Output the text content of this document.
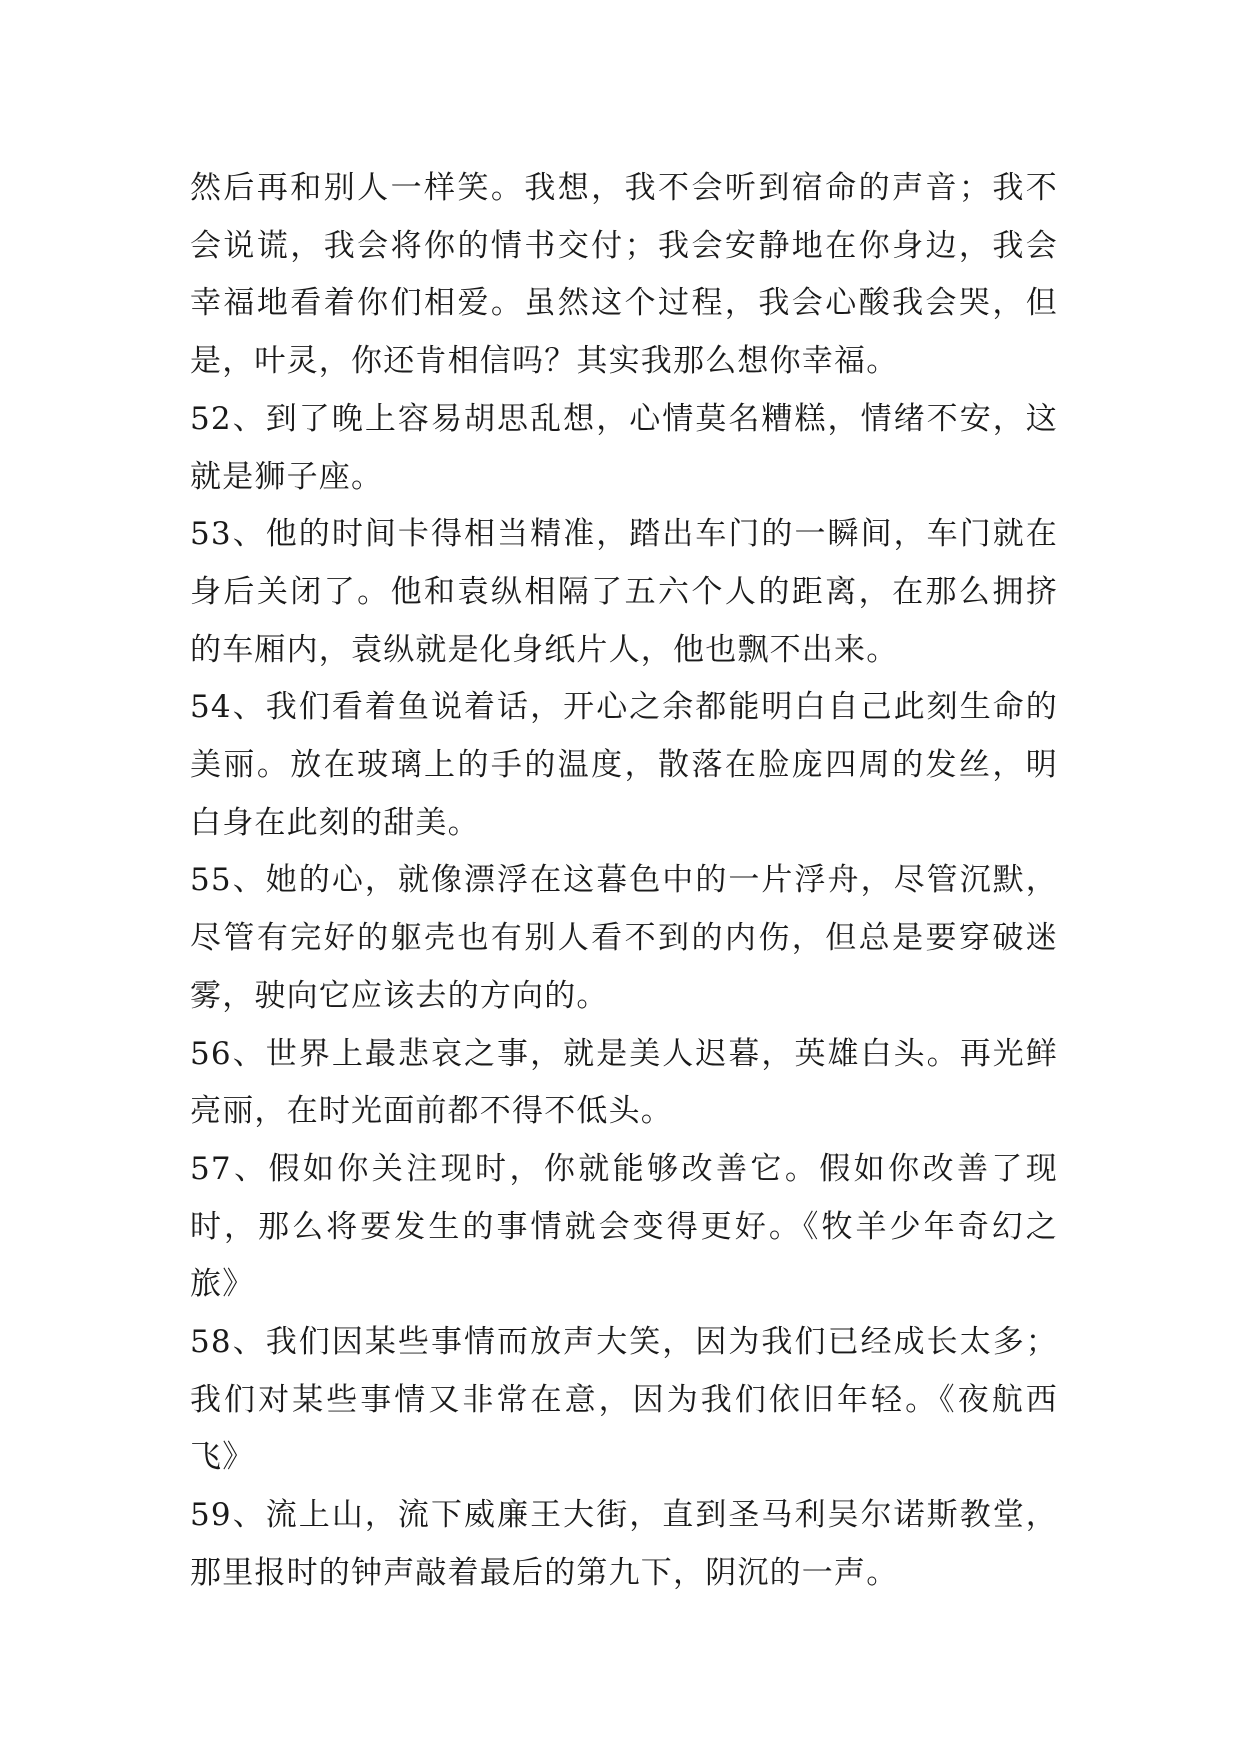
然后再和别人一样笑。我想，我不会听到宿命的声音；我不会说谎，我会将你的情书交付；我会安静地在你身边，我会幸福地看着你们相爱。虽然这个过程，我会心酸我会哭，但是，叶灵，你还肯相信吗？其实我那么想你幸福。

52、到了晚上容易胡思乱想，心情莫名糟糕，情绪不安，这就是狮子座。

53、他的时间卡得相当精准，踏出车门的一瞬间，车门就在身后关闭了。他和袁纵相隔了五六个人的距离，在那么拥挤的车厢内，袁纵就是化身纸片人，他也飘不出来。

54、我们看着鱼说着话，开心之余都能明白自己此刻生命的美丽。放在玻璃上的手的温度，散落在脸庞四周的发丝，明白身在此刻的甜美。

55、她的心，就像漂浮在这暮色中的一片浮舟，尽管沉默，尽管有完好的躯壳也有别人看不到的内伤，但总是要穿破迷雾，驶向它应该去的方向的。

56、世界上最悲哀之事，就是美人迟暮，英雄白头。再光鲜亮丽，在时光面前都不得不低头。

57、假如你关注现时，你就能够改善它。假如你改善了现时，那么将要发生的事情就会变得更好。《牧羊少年奇幻之旅》

58、我们因某些事情而放声大笑，因为我们已经成长太多；我们对某些事情又非常在意，因为我们依旧年轻。《夜航西飞》

59、流上山，流下威廉王大街，直到圣马利吴尔诺斯教堂，那里报时的钟声敲着最后的第九下，阴沉的一声。
